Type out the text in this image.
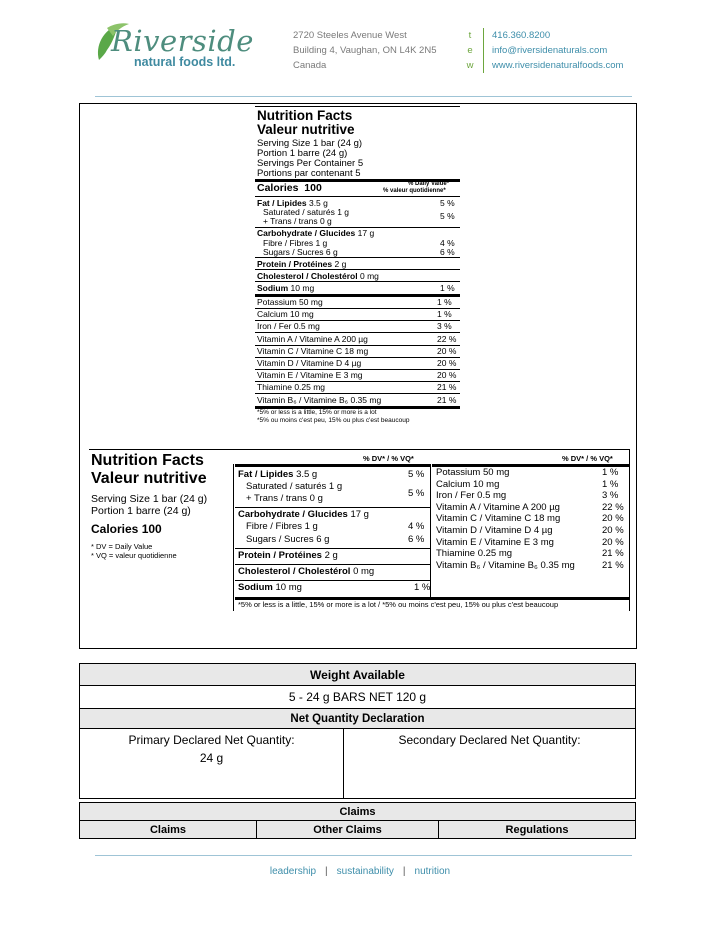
Riverside
natural foods ltd.
2720 Steeles Avenue West
Building 4, Vaughan, ON L4K 2N5
Canada
t	416.360.8200
e info@riversidenaturals.com
w www.riversidenaturalfoods.com
Nutrition Facts
Valeur nutritive
Serving Size 1 bar (24 g)
Portion 1 barre (24 g)
Servings Per Container 5
Portions par contenant 5
Calories 100	% Daily Value*
% valeur quotidienne*
Fat / Lipides 3.5 g	5 %
Saturated / saturés 1 g
+ Trans / trans 0 g	5 %
Carbohydrate / Glucides 17 g
Fibre / Fibres 1 g	4 %
Sugars / Sucres 6 g	6 %
Protein / Protéines 2 g
Cholesterol / Cholestérol 0 mg
Sodium 10 mg	1 %
Potassium 50 mg	1 %
Calcium 10 mg	1 %
Iron / Fer 0.5 mg	3 %
Vitamin A / Vitamine A 200 µg	22 %
Vitamin C / Vitamine C 18 mg	20 %
Vitamin D / Vitamine D 4 µg	20 %
Vitamin E / Vitamine E 3 mg	20 %
Thiamine 0.25 mg	21 %
Vitamin B₆ / Vitamine B₆ 0.35 mg	21 %
*5% or less is a little, 15% or more is a lot
*5% ou moins c'est peu, 15% ou plus c'est beaucoup
Nutrition Facts
Valeur nutritive
Serving Size 1 bar (24 g)
Portion 1 barre (24 g)
Calories 100
* DV = Daily Value
* VQ = valeur quotidienne
% DV* / % VQ*
Fat / Lipides 3.5 g	5 %
Saturated / saturés 1 g
+ Trans / trans 0 g	5 %
Carbohydrate / Glucides 17 g
Fibre / Fibres 1 g	4 %
Sugars / Sucres 6 g	6 %
Protein / Protéines 2 g
Cholesterol / Cholestérol 0 mg
Sodium 10 mg	1 %
% DV* / % VQ*
Potassium 50 mg	1 %
Calcium 10 mg	1 %
Iron / Fer 0.5 mg	3 %
Vitamin A / Vitamine A 200 µg	22 %
Vitamin C / Vitamine C 18 mg	20 %
Vitamin D / Vitamine D 4 µg	20 %
Vitamin E / Vitamine E 3 mg	20 %
Thiamine 0.25 mg	21 %
Vitamin B₆ / Vitamine B₆ 0.35 mg	21 %
*5% or less is a little, 15% or more is a lot / *5% ou moins c'est peu, 15% ou plus c'est beaucoup
Weight Available
5 - 24 g BARS NET 120 g
Net Quantity Declaration

Primary Declared Net Quantity:
24 g

Secondary Declared Net Quantity:
Claims
Claims	Other Claims	Regulations
leadership | sustainability | nutrition
